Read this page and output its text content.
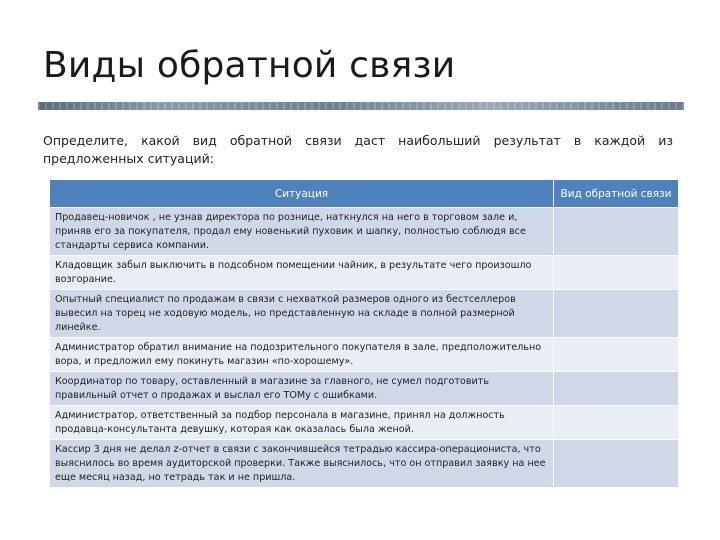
Виды обратной связи

Определите, какой вид обратной связи даст наибольший результат в каждой из предложенных ситуаций:

Ситуация	Вид обратной связи
Продавец-новичок , не узнав директора по рознице, наткнулся на него в торговом зале и, приняв его за покупателя, продал ему новенький пуховик и шапку, полностью соблюдя все стандарты сервиса компании.	
Кладовщик забыл выключить в подсобном помещении чайник, в результате чего произошло возгорание.	
Опытный специалист по продажам в связи с нехваткой размеров одного из бестселлеров вывесил на торец не ходовую модель, но представленную на складе в полной размерной линейке.	
Администратор обратил внимание на подозрительного покупателя в зале, предположительно вора, и предложил ему покинуть магазин «по-хорошему».	
Координатор по товару, оставленный в магазине за главного, не сумел подготовить правильный отчет о продажах и выслал его ТОМу с ошибками.	
Администратор, ответственный за подбор персонала в магазине, принял на должность продавца-консультанта девушку, которая как оказалась была женой.	
Кассир 3 дня не делал z-отчет в связи с закончившейся тетрадью кассира-операциониста, что выяснилось во время аудиторской проверки. Также выяснилось, что он отправил заявку на нее еще месяц назад, но тетрадь так и не пришла.	
